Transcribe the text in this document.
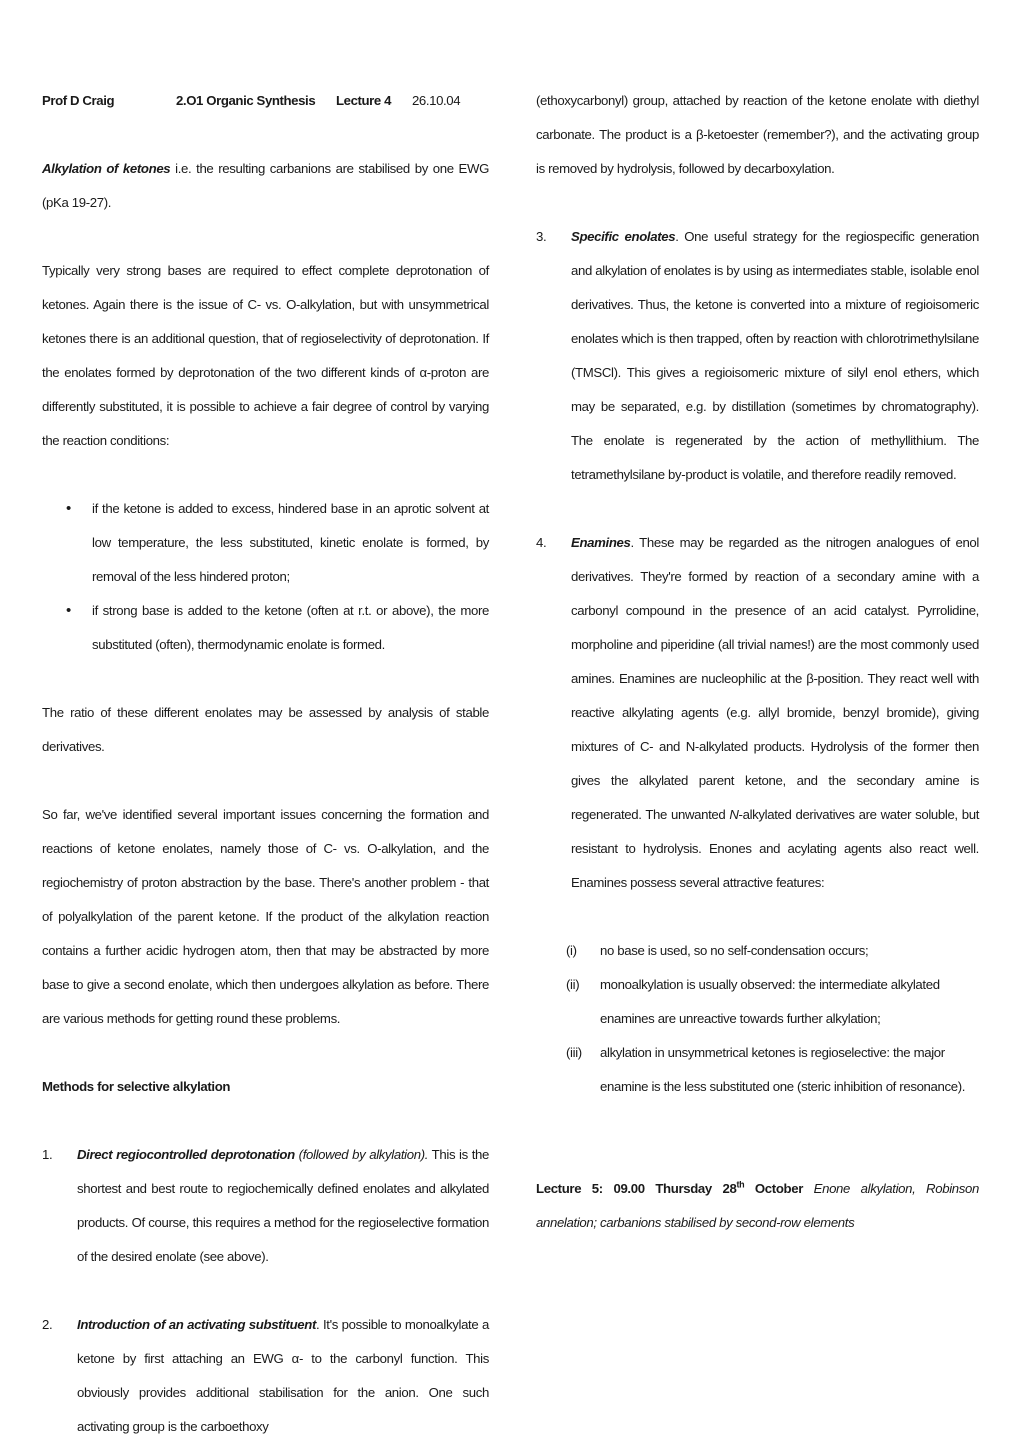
Prof D Craig	2.O1 Organic Synthesis	Lecture 4	26.10.04

Alkylation of ketones i.e. the resulting carbanions are stabilised by one EWG (pKa 19-27).

Typically very strong bases are required to effect complete deprotonation of ketones. Again there is the issue of C- vs. O-alkylation, but with unsymmetrical ketones there is an additional question, that of regioselectivity of deprotonation. If the enolates formed by deprotonation of the two different kinds of α-proton are differently substituted, it is possible to achieve a fair degree of control by varying the reaction conditions:

• if the ketone is added to excess, hindered base in an aprotic solvent at low temperature, the less substituted, kinetic enolate is formed, by removal of the less hindered proton;
• if strong base is added to the ketone (often at r.t. or above), the more substituted (often), thermodynamic enolate is formed.

The ratio of these different enolates may be assessed by analysis of stable derivatives.

So far, we've identified several important issues concerning the formation and reactions of ketone enolates, namely those of C- vs. O-alkylation, and the regiochemistry of proton abstraction by the base. There's another problem - that of polyalkylation of the parent ketone. If the product of the alkylation reaction contains a further acidic hydrogen atom, then that may be abstracted by more base to give a second enolate, which then undergoes alkylation as before. There are various methods for getting round these problems.

Methods for selective alkylation

1. Direct regiocontrolled deprotonation (followed by alkylation). This is the shortest and best route to regiochemically defined enolates and alkylated products. Of course, this requires a method for the regioselective formation of the desired enolate (see above).
2. Introduction of an activating substituent. It's possible to monoalkylate a ketone by first attaching an EWG α- to the carbonyl function. This obviously provides additional stabilisation for the anion. One such activating group is the carboethoxy

(ethoxycarbonyl) group, attached by reaction of the ketone enolate with diethyl carbonate. The product is a β-ketoester (remember?), and the activating group is removed by hydrolysis, followed by decarboxylation.

3. Specific enolates. One useful strategy for the regiospecific generation and alkylation of enolates is by using as intermediates stable, isolable enol derivatives. Thus, the ketone is converted into a mixture of regioisomeric enolates which is then trapped, often by reaction with chlorotrimethylsilane (TMSCl). This gives a regioisomeric mixture of silyl enol ethers, which may be separated, e.g. by distillation (sometimes by chromatography). The enolate is regenerated by the action of methyllithium. The tetramethylsilane by-product is volatile, and therefore readily removed.
4. Enamines. These may be regarded as the nitrogen analogues of enol derivatives. They're formed by reaction of a secondary amine with a carbonyl compound in the presence of an acid catalyst. Pyrrolidine, morpholine and piperidine (all trivial names!) are the most commonly used amines. Enamines are nucleophilic at the β-position. They react well with reactive alkylating agents (e.g. allyl bromide, benzyl bromide), giving mixtures of C- and N-alkylated products. Hydrolysis of the former then gives the alkylated parent ketone, and the secondary amine is regenerated. The unwanted N-alkylated derivatives are water soluble, but resistant to hydrolysis. Enones and acylating agents also react well. Enamines possess several attractive features:
(i) no base is used, so no self-condensation occurs;
(ii) monoalkylation is usually observed: the intermediate alkylated enamines are unreactive towards further alkylation;
(iii) alkylation in unsymmetrical ketones is regioselective: the major enamine is the less substituted one (steric inhibition of resonance).

Lecture 5: 09.00 Thursday 28th October Enone alkylation, Robinson annelation; carbanions stabilised by second-row elements
